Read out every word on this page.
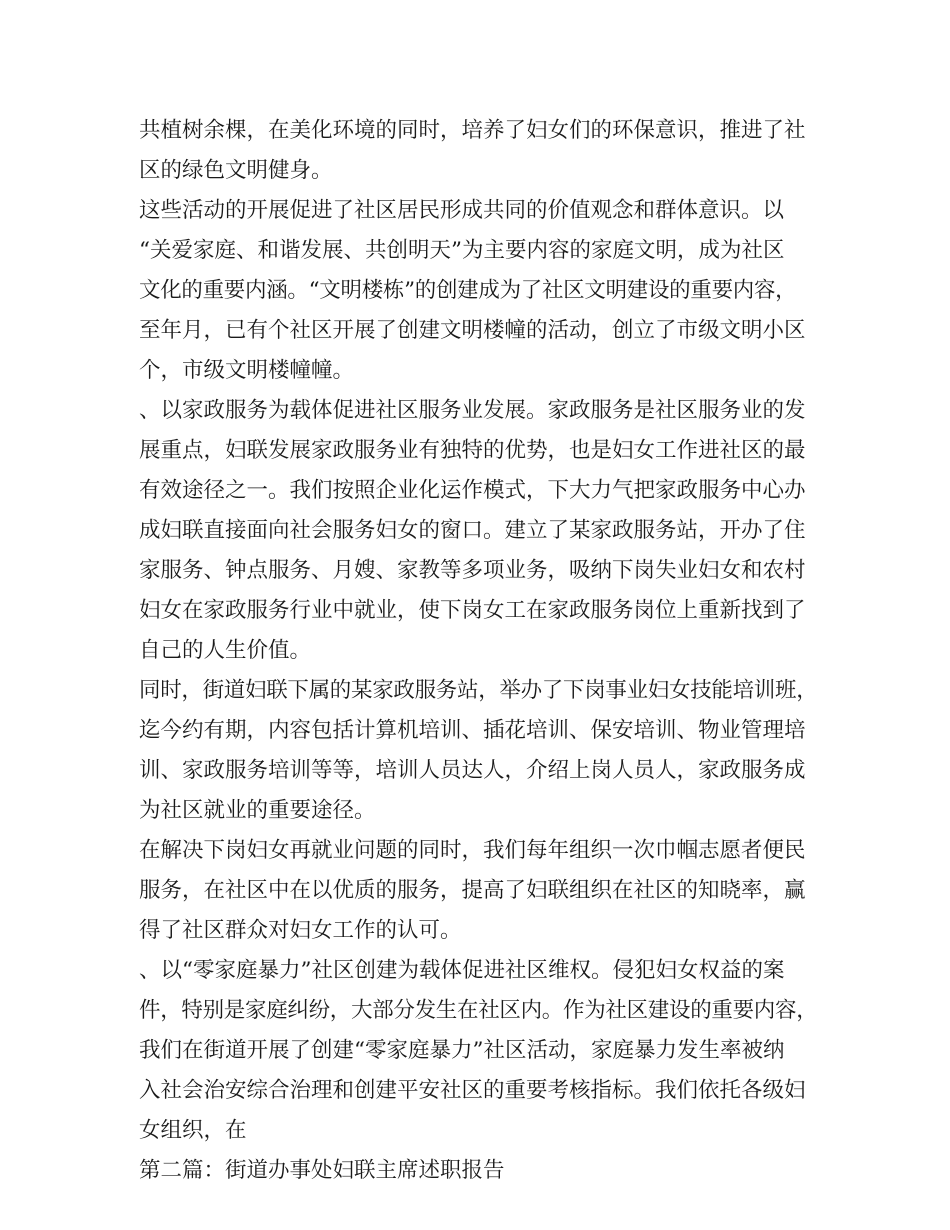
共植树余棵，在美化环境的同时，培养了妇女们的环保意识，推进了社
区的绿色文明健身。
这些活动的开展促进了社区居民形成共同的价值观念和群体意识。以
“关爱家庭、和谐发展、共创明天”为主要内容的家庭文明，成为社区
文化的重要内涵。“文明楼栋”的创建成为了社区文明建设的重要内容，
至年月，已有个社区开展了创建文明楼幢的活动，创立了市级文明小区
个，市级文明楼幢幢。
、以家政服务为载体促进社区服务业发展。家政服务是社区服务业的发
展重点，妇联发展家政服务业有独特的优势，也是妇女工作进社区的最
有效途径之一。我们按照企业化运作模式，下大力气把家政服务中心办
成妇联直接面向社会服务妇女的窗口。建立了某家政服务站，开办了住
家服务、钟点服务、月嫂、家教等多项业务，吸纳下岗失业妇女和农村
妇女在家政服务行业中就业，使下岗女工在家政服务岗位上重新找到了
自己的人生价值。
同时，街道妇联下属的某家政服务站，举办了下岗事业妇女技能培训班，
迄今约有期，内容包括计算机培训、插花培训、保安培训、物业管理培
训、家政服务培训等等，培训人员达人，介绍上岗人员人，家政服务成
为社区就业的重要途径。
在解决下岗妇女再就业问题的同时，我们每年组织一次巾帼志愿者便民
服务，在社区中在以优质的服务，提高了妇联组织在社区的知晓率，赢
得了社区群众对妇女工作的认可。
、以“零家庭暴力”社区创建为载体促进社区维权。侵犯妇女权益的案
件，特别是家庭纠纷，大部分发生在社区内。作为社区建设的重要内容，
我们在街道开展了创建“零家庭暴力”社区活动，家庭暴力发生率被纳
入社会治安综合治理和创建平安社区的重要考核指标。我们依托各级妇
女组织，在
第二篇：街道办事处妇联主席述职报告
